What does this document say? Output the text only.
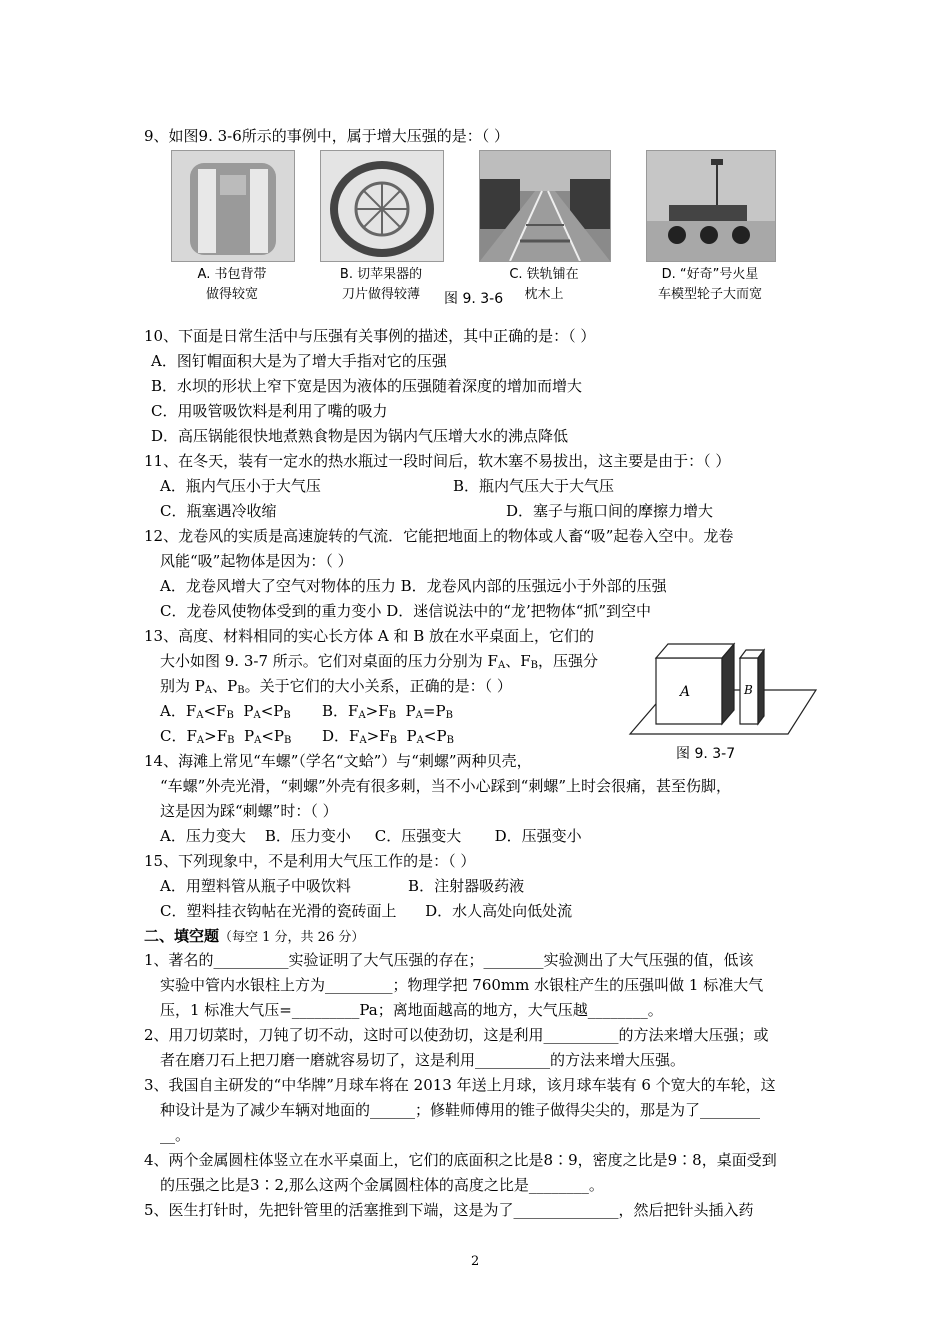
9、如图9. 3-6所示的事例中，属于增大压强的是：（ ）
A. 书包背带
做得较宽
B. 切苹果器的
刀片做得较薄
C. 铁轨铺在
枕木上
图 9. 3-6
D. “好奇”号火星
车模型轮子大而宽
10、下面是日常生活中与压强有关事例的描述，其中正确的是：（ ）
A．图钉帽面积大是为了增大手指对它的压强
B．水坝的形状上窄下宽是因为液体的压强随着深度的增加而增大
C．用吸管吸饮料是利用了嘴的吸力
D．高压锅能很快地煮熟食物是因为锅内气压增大水的沸点降低
11、在冬天，装有一定水的热水瓶过一段时间后，软木塞不易拔出，这主要是由于：（ ）
A．瓶内气压小于大气压	B．瓶内气压大于大气压
C．瓶塞遇冷收缩	D．塞子与瓶口间的摩擦力增大
12、龙卷风的实质是高速旋转的气流．它能把地面上的物体或人畜“吸”起卷入空中。龙卷
风能“吸”起物体是因为：（ ）
A．龙卷风增大了空气对物体的压力 B．龙卷风内部的压强远小于外部的压强
C．龙卷风使物体受到的重力变小 D．迷信说法中的“龙’把物体“抓”到空中
13、高度、材料相同的实心长方体 A 和 B 放在水平桌面上，它们的
大小如图 9. 3-7 所示。它们对桌面的压力分别为 $F_A$、$F_B$，压强分
别为 $P_A$、$P_B$。关于它们的大小关系，正确的是：（ ）
A．$F_A<F_B$  $P_A<P_B$ B．$F_A>F_B$  $P_A=P_B$
C．$F_A>F_B$  $P_A<P_B$ D．$F_A>F_B$  $P_A<P_B$
A	B
图 9. 3-7
14、海滩上常见“车螺”（学名“文蛤”）与“刺螺”两种贝壳，
“车螺”外壳光滑，“刺螺”外壳有很多刺，当不小心踩到“刺螺”上时会很痛，甚至伤脚，
这是因为踩“刺螺”时：（ ）
A．压力变大    B．压力变小     C．压强变大       D．压强变小
15、下列现象中，不是利用大气压工作的是：（ ）
A．用塑料管从瓶子中吸饮料            B．注射器吸药液
C．塑料挂衣钩帖在光滑的瓷砖面上      D．水人高处向低处流
二、填空题（每空 1 分，共 26 分）
1、著名的__________实验证明了大气压强的存在；________实验测出了大气压强的值，低该
实验中管内水银柱上方为_________；物理学把 760mm 水银柱产生的压强叫做 1 标准大气
压，1 标准大气压=_________Pa；离地面越高的地方，大气压越________。
2、用刀切菜时，刀钝了切不动，这时可以使劲切，这是利用__________的方法来增大压强；或
者在磨刀石上把刀磨一磨就容易切了，这是利用__________的方法来增大压强。
3、我国自主研发的“中华牌”月球车将在 2013 年送上月球，该月球车装有 6 个宽大的车轮，这
种设计是为了减少车辆对地面的______；修鞋师傅用的锥子做得尖尖的，那是为了________
__。
4、两个金属圆柱体竖立在水平桌面上，它们的底面积之比是8∶9，密度之比是9∶8，桌面受到
的压强之比是3∶2,那么这两个金属圆柱体的高度之比是________。
5、医生打针时，先把针管里的活塞推到下端，这是为了______________，然后把针头插入药
2
